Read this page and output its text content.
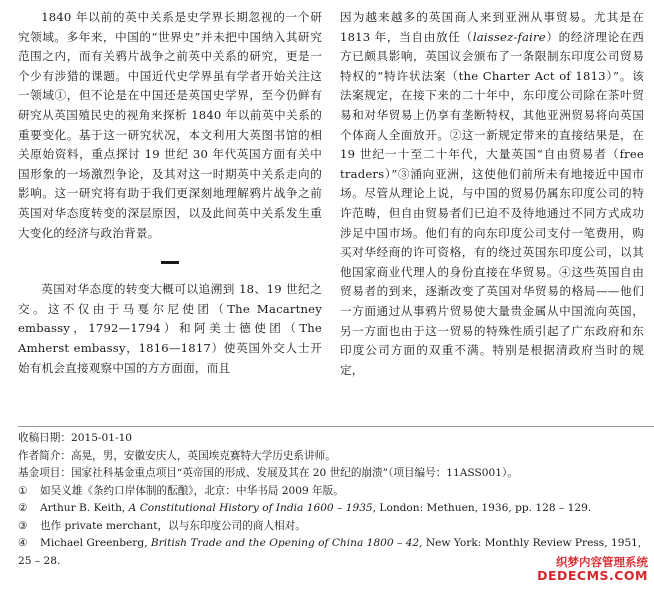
1840 年以前的英中关系是史学界长期忽视的一个研究领域。多年来，中国的“世界史”并未把中国纳入其研究范围之内，而有关鸦片战争之前英中关系的研究，更是一个少有涉猎的课题。中国近代史学界虽有学者开始关注这一领域①，但不论是在中国还是英国史学界，至今仍鲜有研究从英国殖民史的视角来探析 1840 年以前英中关系的重要变化。基于这一研究状况，本文利用大英图书馆的相关原始资料，重点探讨 19 世纪 30 年代英国方面有关中国形象的一场激烈争论，及其对这一时期英中关系走向的影响。这一研究将有助于我们更深刻地理解鸦片战争之前英国对华态度转变的深层原因，以及此间英中关系发生重大变化的经济与政治背景。

英国对华态度的转变大概可以追溯到 18、19 世纪之交。这不仅由于马戛尔尼使团（The Macartney embassy，1792—1794）和阿美士德使团（The Amherst embassy，1816—1817）使英国外交人士开始有机会直接观察中国的方方面面，而且

因为越来越多的英国商人来到亚洲从事贸易。尤其是在 1813 年，当自由放任（laissez-faire）的经济理论在西方已颇具影响，英国议会颁布了一条限制东印度公司贸易特权的“特许状法案（the Charter Act of 1813）”。该法案规定，在接下来的二十年中，东印度公司除在茶叶贸易和对华贸易上仍享有垄断特权，其他亚洲贸易将向英国个体商人全面放开。②这一新规定带来的直接结果是，在 19 世纪一十至二十年代，大量英国“自由贸易者（free traders）”③涌向亚洲，这使他们前所未有地接近中国市场。尽管从理论上说，与中国的贸易仍属东印度公司的特许范畴，但自由贸易者们已迫不及待地通过不同方式成功涉足中国市场。他们有的向东印度公司支付一笔费用，购买对华经商的许可资格，有的绕过英国东印度公司，以其他国家商业代理人的身份直接在华贸易。④这些英国自由贸易者的到来，逐渐改变了英国对华贸易的格局——他们一方面通过从事鸦片贸易使大量贵金属从中国流向英国，另一方面也由于这一贸易的特殊性质引起了广东政府和东印度公司方面的双重不满。特别是根据清政府当时的规定，

收稿日期：2015-01-10
作者简介：高晃，男，安徽安庆人，英国埃克赛特大学历史系讲师。
基金项目：国家社科基金重点项目“英帝国的形成、发展及其在 20 世纪的崩溃”（项目编号：11ASS001）。
①	如吴义雄《条约口岸体制的酝酿》，北京：中华书局 2009 年版。
②	Arthur B. Keith, A Constitutional History of India 1600 – 1935, London: Methuen, 1936, pp. 128 – 129.
③	也作 private merchant，以与东印度公司的商人相对。
④	Michael Greenberg, British Trade and the Opening of China 1800 – 42, New York: Monthly Review Press, 1951,
25 – 28.	织梦内容管理系统
DEDECMS.COM
